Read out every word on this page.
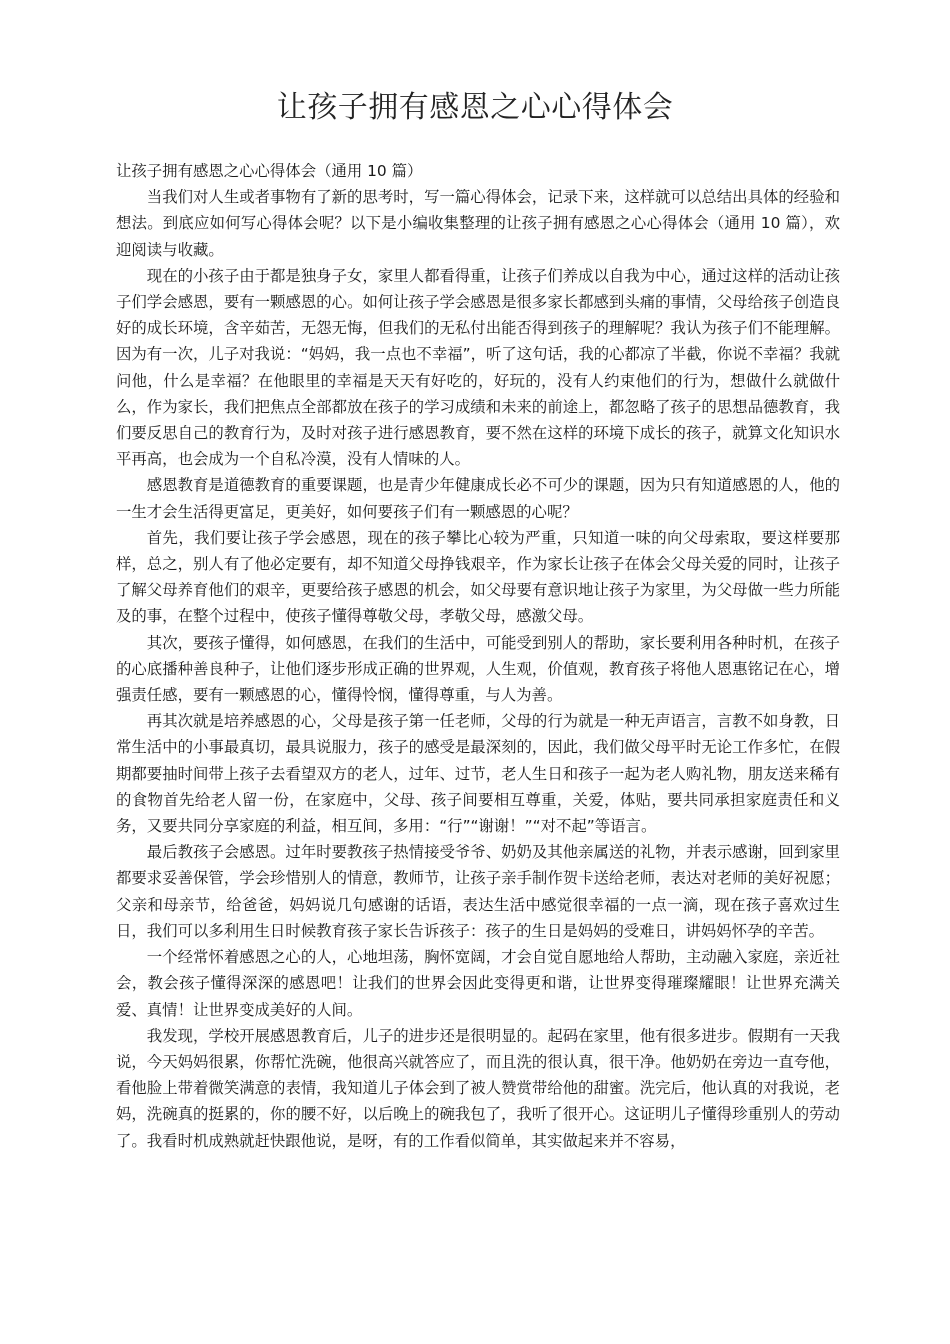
让孩子拥有感恩之心心得体会

让孩子拥有感恩之心心得体会（通用 10 篇）

当我们对人生或者事物有了新的思考时，写一篇心得体会，记录下来，这样就可以总结出具体的经验和想法。到底应如何写心得体会呢？以下是小编收集整理的让孩子拥有感恩之心心得体会（通用 10 篇），欢迎阅读与收藏。

现在的小孩子由于都是独身子女，家里人都看得重，让孩子们养成以自我为中心，通过这样的活动让孩子们学会感恩，要有一颗感恩的心。如何让孩子学会感恩是很多家长都感到头痛的事情，父母给孩子创造良好的成长环境，含辛茹苦，无怨无悔，但我们的无私付出能否得到孩子的理解呢？我认为孩子们不能理解。因为有一次，儿子对我说：“妈妈，我一点也不幸福”，听了这句话，我的心都凉了半截，你说不幸福？我就问他，什么是幸福？在他眼里的幸福是天天有好吃的，好玩的，没有人约束他们的行为，想做什么就做什么，作为家长，我们把焦点全部都放在孩子的学习成绩和未来的前途上，都忽略了孩子的思想品德教育，我们要反思自己的教育行为，及时对孩子进行感恩教育，要不然在这样的环境下成长的孩子，就算文化知识水平再高，也会成为一个自私冷漠，没有人情味的人。

感恩教育是道德教育的重要课题，也是青少年健康成长必不可少的课题，因为只有知道感恩的人，他的一生才会生活得更富足，更美好，如何要孩子们有一颗感恩的心呢？

首先，我们要让孩子学会感恩，现在的孩子攀比心较为严重，只知道一味的向父母索取，要这样要那样，总之，别人有了他必定要有，却不知道父母挣钱艰辛，作为家长让孩子在体会父母关爱的同时，让孩子了解父母养育他们的艰辛，更要给孩子感恩的机会，如父母要有意识地让孩子为家里，为父母做一些力所能及的事，在整个过程中，使孩子懂得尊敬父母，孝敬父母，感激父母。

其次，要孩子懂得，如何感恩，在我们的生活中，可能受到别人的帮助，家长要利用各种时机，在孩子的心底播种善良种子，让他们逐步形成正确的世界观，人生观，价值观，教育孩子将他人恩惠铭记在心，增强责任感，要有一颗感恩的心，懂得怜悯，懂得尊重，与人为善。

再其次就是培养感恩的心，父母是孩子第一任老师，父母的行为就是一种无声语言，言教不如身教，日常生活中的小事最真切，最具说服力，孩子的感受是最深刻的，因此，我们做父母平时无论工作多忙，在假期都要抽时间带上孩子去看望双方的老人，过年、过节，老人生日和孩子一起为老人购礼物，朋友送来稀有的食物首先给老人留一份，在家庭中，父母、孩子间要相互尊重，关爱，体贴，要共同承担家庭责任和义务，又要共同分享家庭的利益，相互间，多用：“行”“谢谢！”“对不起”等语言。

最后教孩子会感恩。过年时要教孩子热情接受爷爷、奶奶及其他亲属送的礼物，并表示感谢，回到家里都要求妥善保管，学会珍惜别人的情意，教师节，让孩子亲手制作贺卡送给老师，表达对老师的美好祝愿；父亲和母亲节，给爸爸，妈妈说几句感谢的话语，表达生活中感觉很幸福的一点一滴，现在孩子喜欢过生日，我们可以多利用生日时候教育孩子家长告诉孩子：孩子的生日是妈妈的受难日，讲妈妈怀孕的辛苦。

一个经常怀着感恩之心的人，心地坦荡，胸怀宽阔，才会自觉自愿地给人帮助，主动融入家庭，亲近社会，教会孩子懂得深深的感恩吧！让我们的世界会因此变得更和谐，让世界变得璀璨耀眼！让世界充满关爱、真情！让世界变成美好的人间。

我发现，学校开展感恩教育后，儿子的进步还是很明显的。起码在家里，他有很多进步。假期有一天我说，今天妈妈很累，你帮忙洗碗，他很高兴就答应了，而且洗的很认真，很干净。他奶奶在旁边一直夸他，看他脸上带着微笑满意的表情，我知道儿子体会到了被人赞赏带给他的甜蜜。洗完后，他认真的对我说，老妈，洗碗真的挺累的，你的腰不好，以后晚上的碗我包了，我听了很开心。这证明儿子懂得珍重别人的劳动了。我看时机成熟就赶快跟他说，是呀，有的工作看似简单，其实做起来并不容易，
